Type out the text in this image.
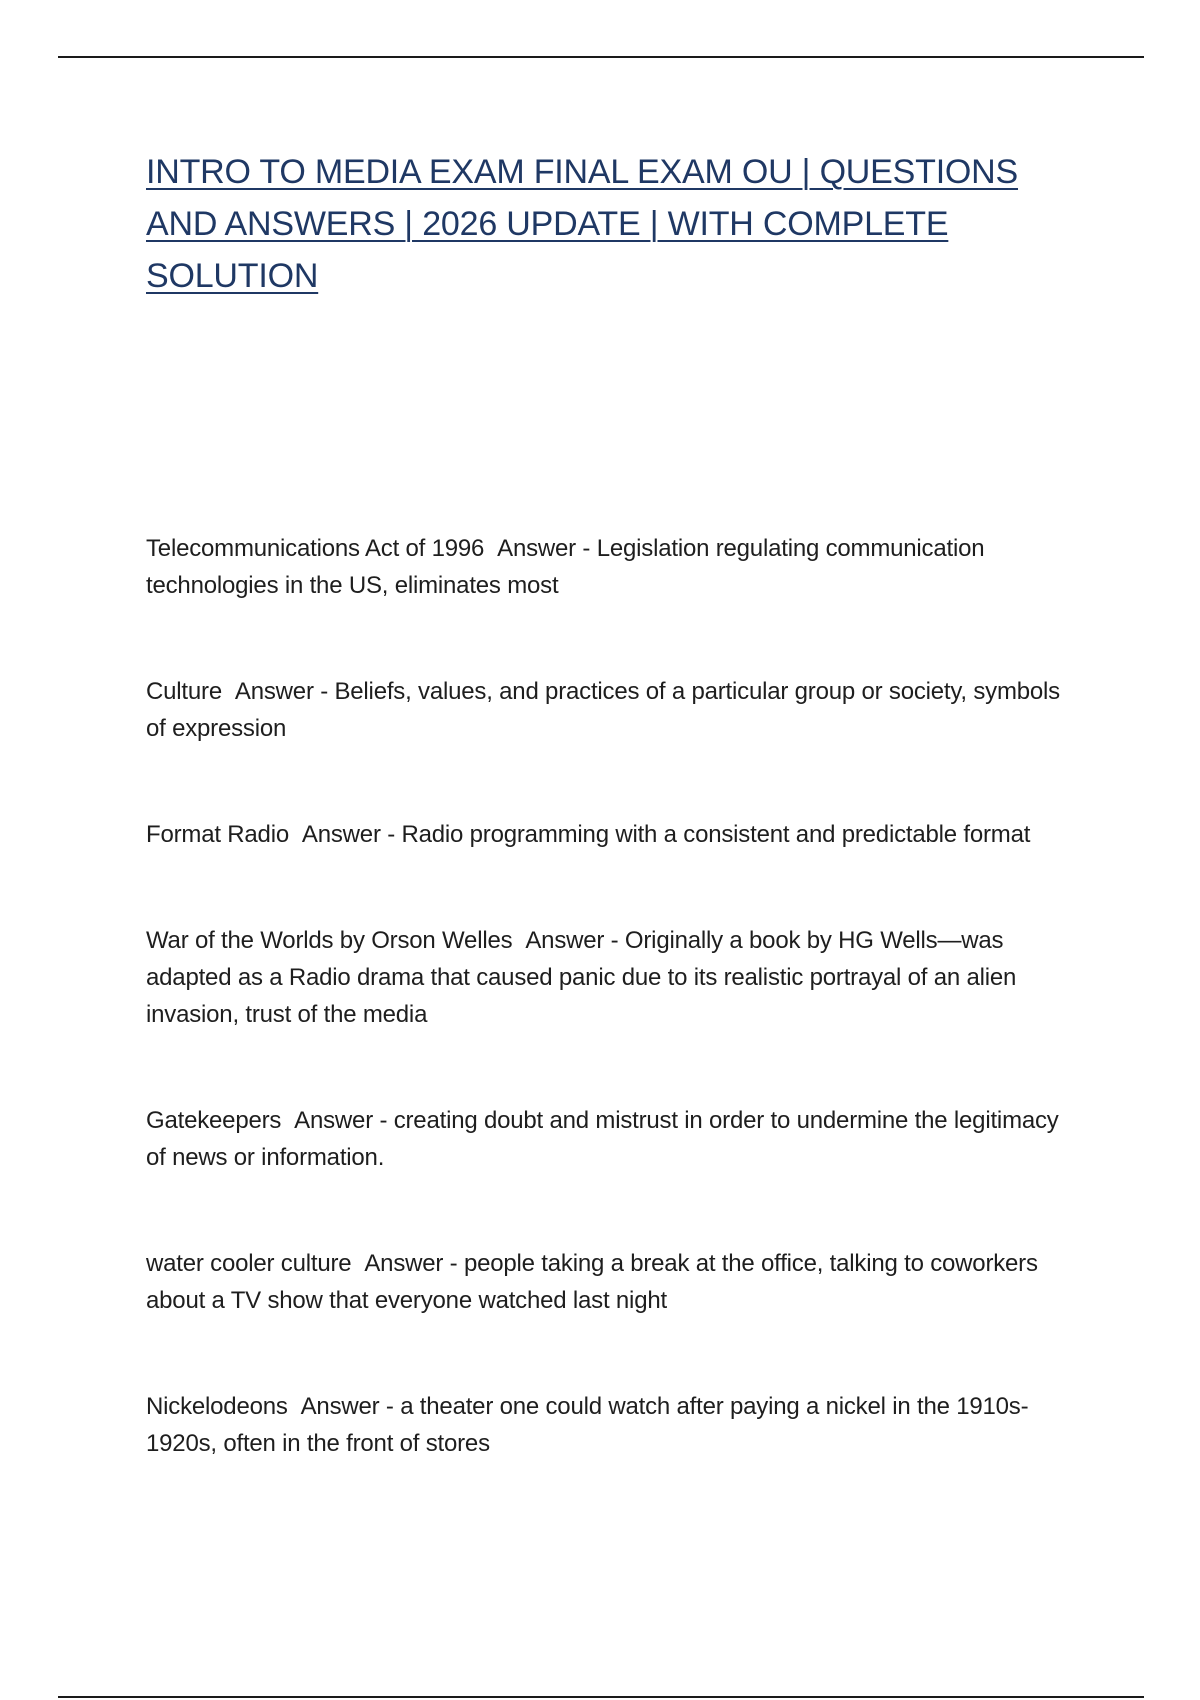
INTRO TO MEDIA EXAM FINAL EXAM OU | QUESTIONS AND ANSWERS | 2026 UPDATE | WITH COMPLETE SOLUTION

Telecommunications Act of 1996 Answer - Legislation regulating communication technologies in the US, eliminates most

Culture Answer - Beliefs, values, and practices of a particular group or society, symbols of expression

Format Radio Answer - Radio programming with a consistent and predictable format

War of the Worlds by Orson Welles Answer - Originally a book by HG Wells—was adapted as a Radio drama that caused panic due to its realistic portrayal of an alien invasion, trust of the media

Gatekeepers Answer - creating doubt and mistrust in order to undermine the legitimacy of news or information.

water cooler culture Answer - people taking a break at the office, talking to coworkers about a TV show that everyone watched last night

Nickelodeons Answer - a theater one could watch after paying a nickel in the 1910s-1920s, often in the front of stores
